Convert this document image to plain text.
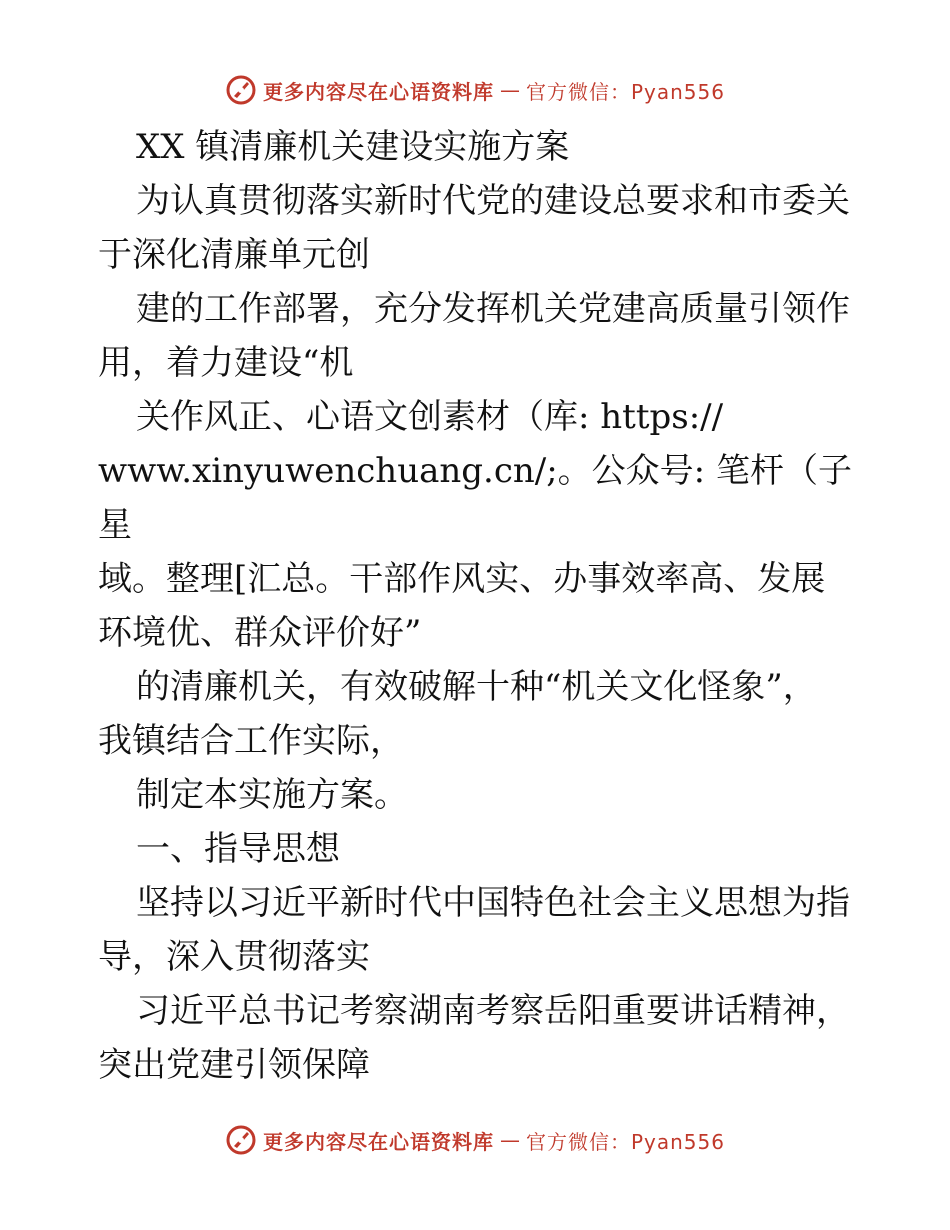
更多内容尽在心语资料库 — 官方微信：Pyan556

XX 镇清廉机关建设实施方案

为认真贯彻落实新时代党的建设总要求和市委关

于深化清廉单元创

建的工作部署，充分发挥机关党建高质量引领作

用，着力建设“机

关作风正、心语文创素材（库: https://

www.xinyuwenchuang.cn/;。公众号: 笔杆（子星

域。整理[汇总。干部作风实、办事效率高、发展

环境优、群众评价好”

的清廉机关，有效破解十种“机关文化怪象”，

我镇结合工作实际，

制定本实施方案。

一、指导思想

坚持以习近平新时代中国特色社会主义思想为指

导，深入贯彻落实

习近平总书记考察湖南考察岳阳重要讲话精神，

突出党建引领保障

更多内容尽在心语资料库 — 官方微信：Pyan556
